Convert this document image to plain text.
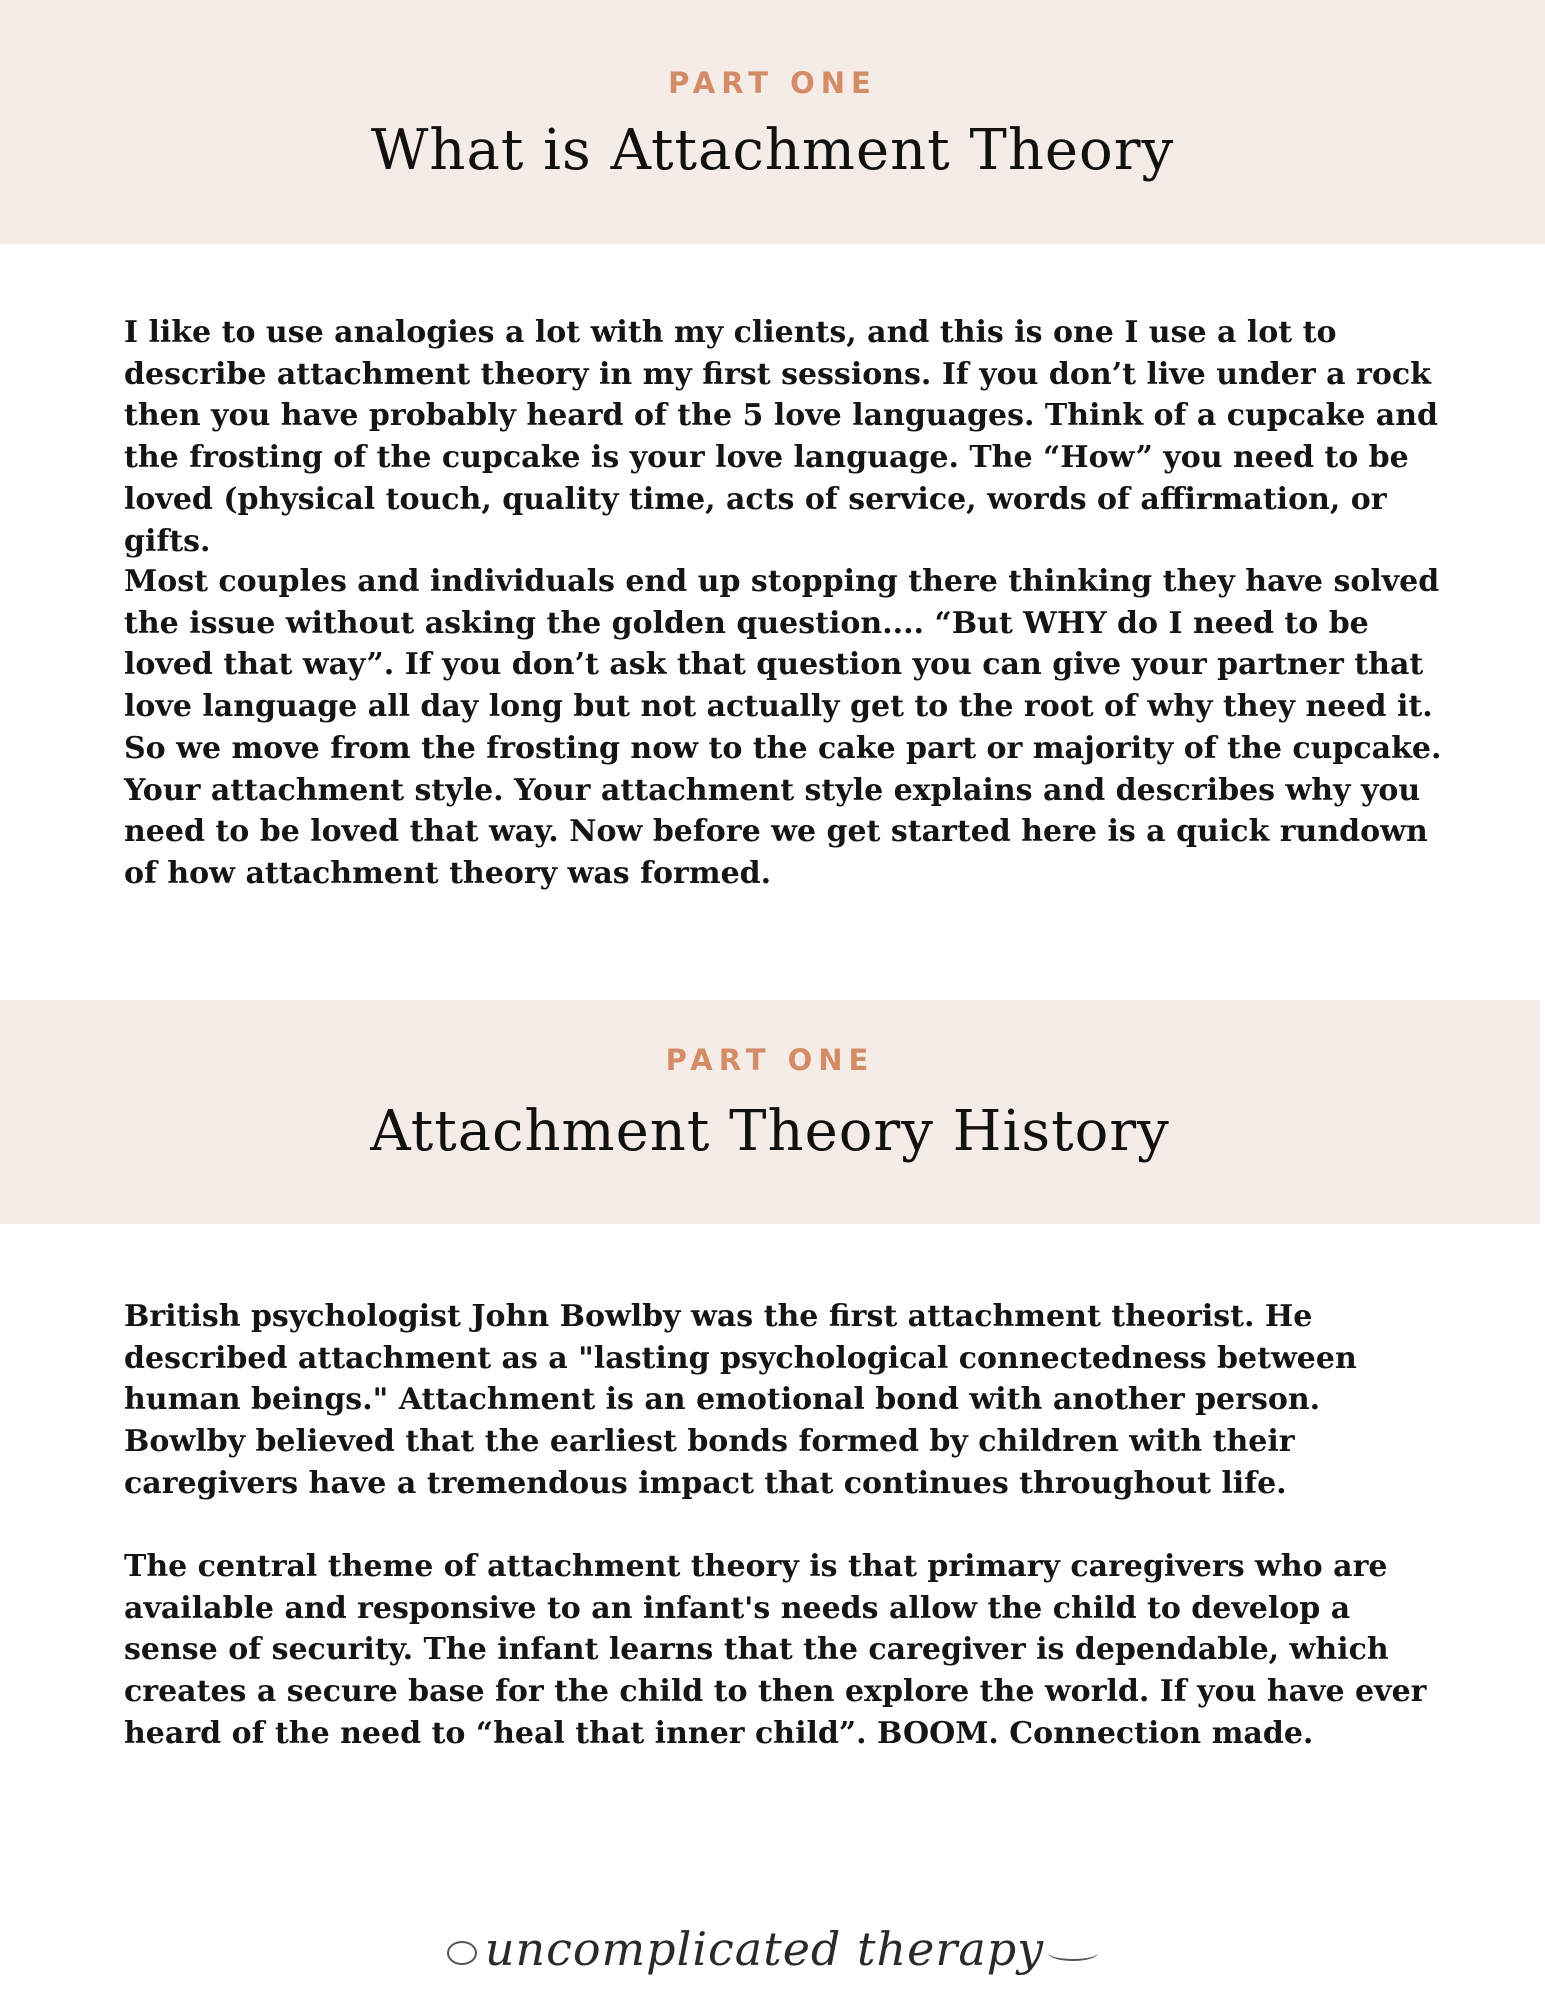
PART ONE
What is Attachment Theory

I like to use analogies a lot with my clients, and this is one I use a lot to describe attachment theory in my first sessions. If you don’t live under a rock then you have probably heard of the 5 love languages. Think of a cupcake and the frosting of the cupcake is your love language. The “How” you need to be loved (physical touch, quality time, acts of service, words of affirmation, or gifts.

Most couples and individuals end up stopping there thinking they have solved the issue without asking the golden question.... “But WHY do I need to be loved that way”. If you don’t ask that question you can give your partner that love language all day long but not actually get to the root of why they need it. So we move from the frosting now to the cake part or majority of the cupcake. Your attachment style. Your attachment style explains and describes why you need to be loved that way. Now before we get started here is a quick rundown of how attachment theory was formed.

PART ONE
Attachment Theory History

British psychologist John Bowlby was the first attachment theorist. He described attachment as a "lasting psychological connectedness between human beings." Attachment is an emotional bond with another person. Bowlby believed that the earliest bonds formed by children with their caregivers have a tremendous impact that continues throughout life.

The central theme of attachment theory is that primary caregivers who are available and responsive to an infant's needs allow the child to develop a sense of security. The infant learns that the caregiver is dependable, which creates a secure base for the child to then explore the world. If you have ever heard of the need to “heal that inner child”. BOOM. Connection made.

uncomplicated therapy
